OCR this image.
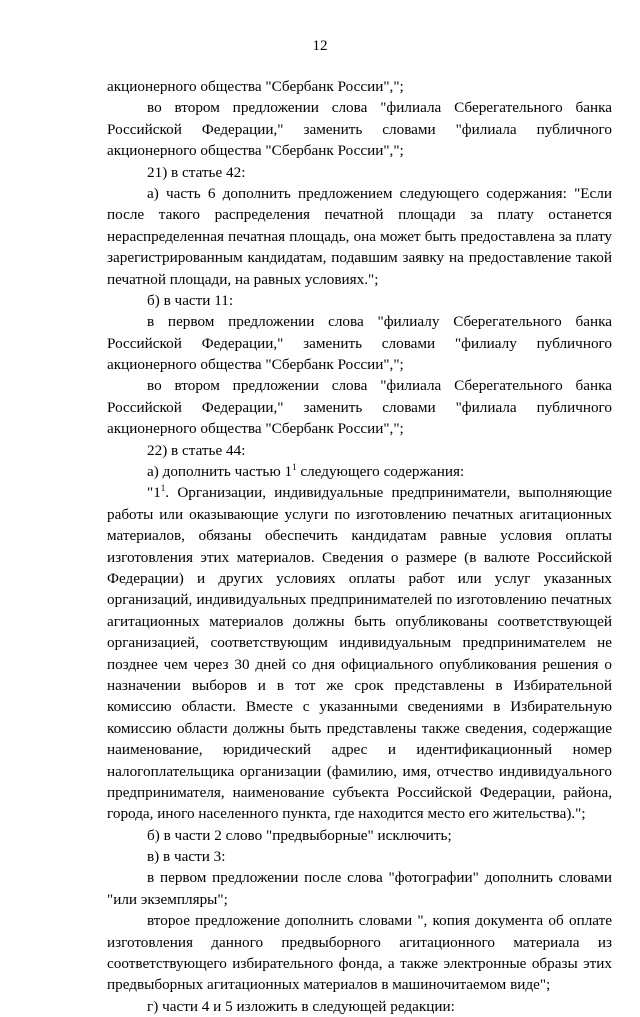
12
акционерного общества "Сбербанк России",";
во втором предложении слова "филиала Сберегательного банка
Российской Федерации," заменить словами "филиала публичного
акционерного общества "Сбербанк России",";
21) в статье 42:
а) часть 6 дополнить предложением следующего содержания: "Если
после такого распределения печатной площади за плату останется
нераспределенная печатная площадь, она может быть предоставлена за плату
зарегистрированным кандидатам, подавшим заявку на предоставление такой
печатной площади, на равных условиях.";
б) в части 11:
в первом предложении слова "филиалу Сберегательного банка
Российской Федерации," заменить словами "филиалу публичного
акционерного общества "Сбербанк России",";
во втором предложении слова "филиала Сберегательного банка
Российской Федерации," заменить словами "филиала публичного
акционерного общества "Сбербанк России",";
22) в статье 44:
а) дополнить частью $1^1$ следующего содержания:
"$1^1$. Организации, индивидуальные предприниматели, выполняющие
работы или оказывающие услуги по изготовлению печатных агитационных
материалов, обязаны обеспечить кандидатам равные условия оплаты
изготовления этих материалов. Сведения о размере (в валюте Российской
Федерации) и других условиях оплаты работ или услуг указанных
организаций, индивидуальных предпринимателей по изготовлению печатных
агитационных материалов должны быть опубликованы соответствующей
организацией, соответствующим индивидуальным предпринимателем не
позднее чем через 30 дней со дня официального опубликования решения о
назначении выборов и в тот же срок представлены в Избирательной
комиссию области. Вместе с указанными сведениями в Избирательную
комиссию области должны быть представлены также сведения, содержащие
наименование, юридический адрес и идентификационный номер
налогоплательщика организации (фамилию, имя, отчество индивидуального
предпринимателя, наименование субъекта Российской Федерации, района,
города, иного населенного пункта, где находится место его жительства).";
б) в части 2 слово "предвыборные" исключить;
в) в части 3:
в первом предложении после слова "фотографии" дополнить словами
"или экземпляры";
второе предложение дополнить словами ", копия документа об оплате
изготовления данного предвыборного агитационного материала из
соответствующего избирательного фонда, а также электронные образы этих
предвыборных агитационных материалов в машиночитаемом виде";
г) части 4 и 5 изложить в следующей редакции:
